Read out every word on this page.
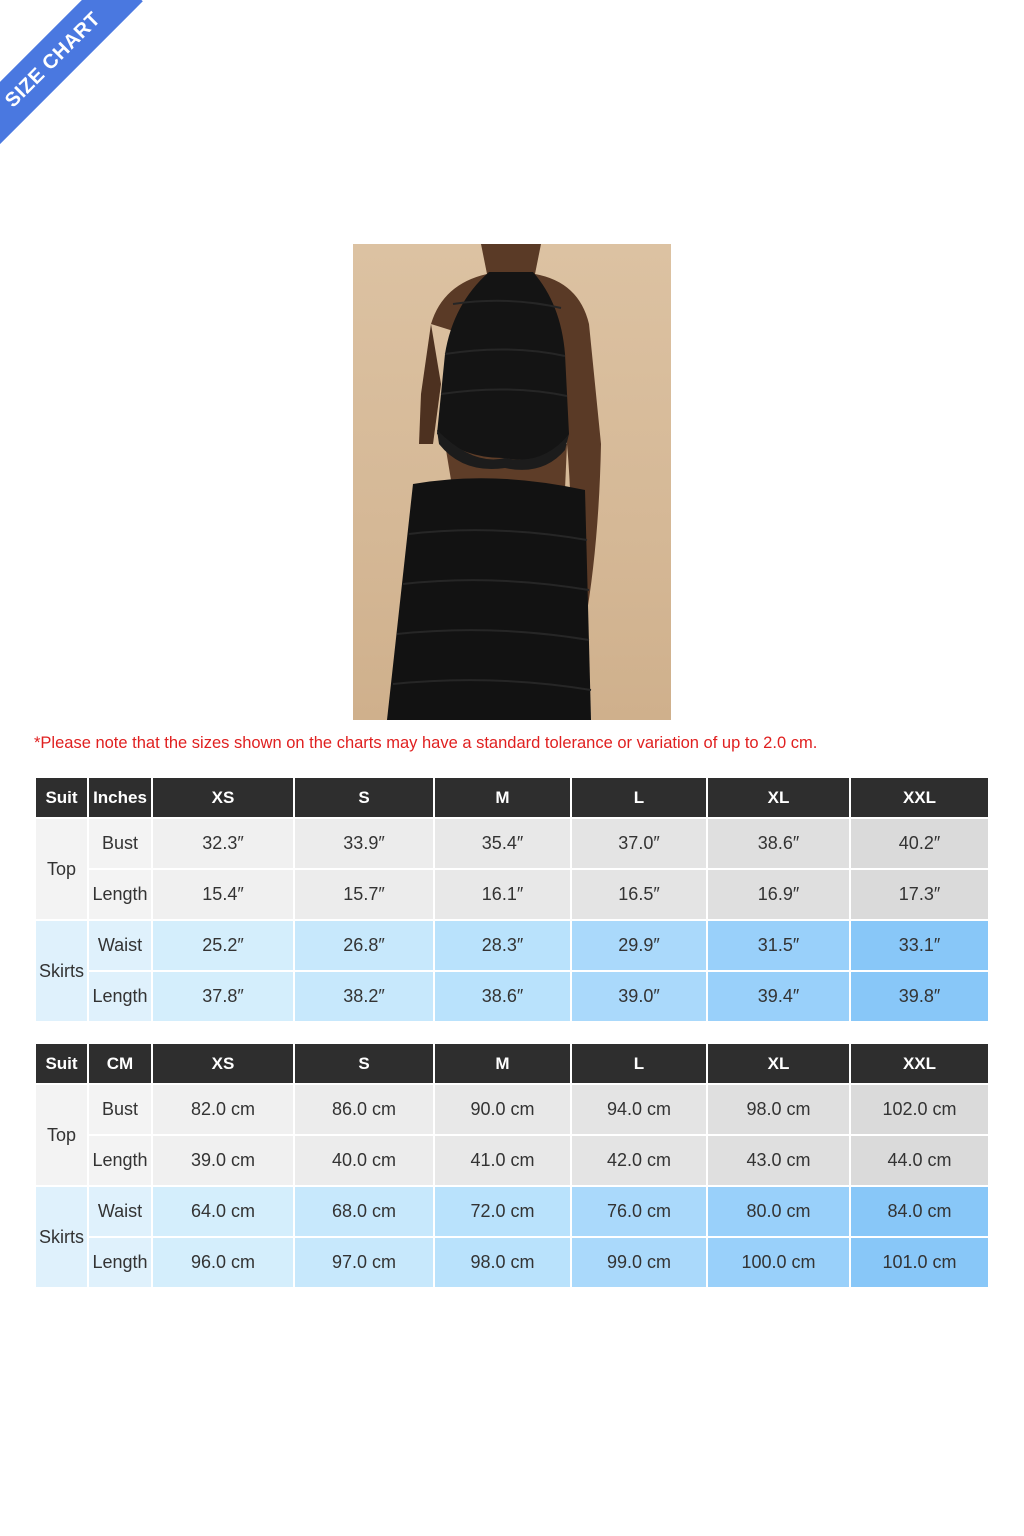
SIZE CHART
*Please note that the sizes shown on the charts may have a standard tolerance or variation of up to 2.0 cm.
Suit	Inches	XS	S	M	L	XL	XXL
Top	Bust	32.3″	33.9″	35.4″	37.0″	38.6″	40.2″
	Length	15.4″	15.7″	16.1″	16.5″	16.9″	17.3″
Skirts	Waist	25.2″	26.8″	28.3″	29.9″	31.5″	33.1″
	Length	37.8″	38.2″	38.6″	39.0″	39.4″	39.8″
Suit	CM	XS	S	M	L	XL	XXL
Top	Bust	82.0 cm	86.0 cm	90.0 cm	94.0 cm	98.0 cm	102.0 cm
	Length	39.0 cm	40.0 cm	41.0 cm	42.0 cm	43.0 cm	44.0 cm
Skirts	Waist	64.0 cm	68.0 cm	72.0 cm	76.0 cm	80.0 cm	84.0 cm
	Length	96.0 cm	97.0 cm	98.0 cm	99.0 cm	100.0 cm	101.0 cm
